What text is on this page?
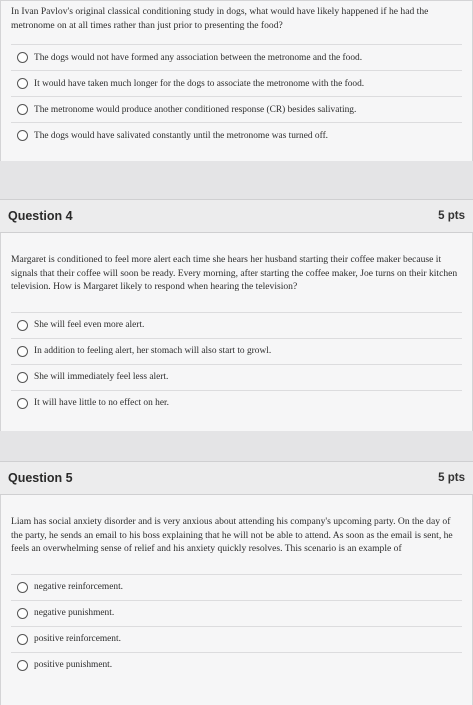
In Ivan Pavlov's original classical conditioning study in dogs, what would have likely happened if he had the metronome on at all times rather than just prior to presenting the food?
The dogs would not have formed any association between the metronome and the food.
It would have taken much longer for the dogs to associate the metronome with the food.
The metronome would produce another conditioned response (CR) besides salivating.
The dogs would have salivated constantly until the metronome was turned off.
Question 4	5 pts
Margaret is conditioned to feel more alert each time she hears her husband starting their coffee maker because it signals that their coffee will soon be ready. Every morning, after starting the coffee maker, Joe turns on their kitchen television. How is Margaret likely to respond when hearing the television?
She will feel even more alert.
In addition to feeling alert, her stomach will also start to growl.
She will immediately feel less alert.
It will have little to no effect on her.
Question 5	5 pts
Liam has social anxiety disorder and is very anxious about attending his company's upcoming party. On the day of the party, he sends an email to his boss explaining that he will not be able to attend. As soon as the email is sent, he feels an overwhelming sense of relief and his anxiety quickly resolves. This scenario is an example of
negative reinforcement.
negative punishment.
positive reinforcement.
positive punishment.
